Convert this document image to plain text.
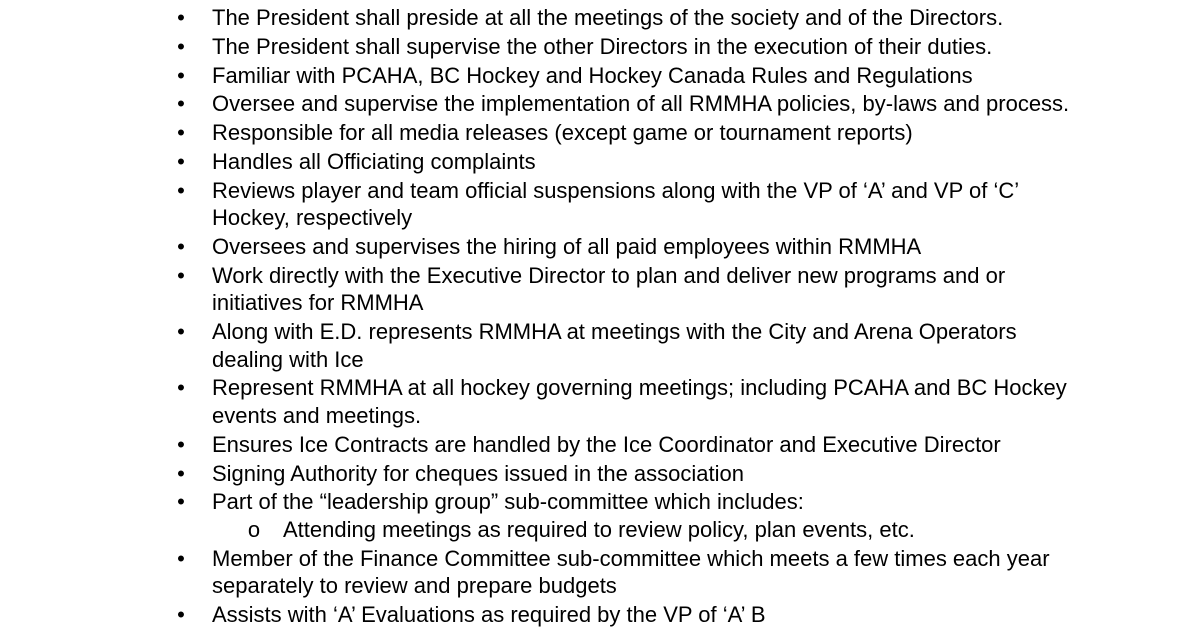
• The President shall preside at all the meetings of the society and of the Directors.
• The President shall supervise the other Directors in the execution of their duties.
• Familiar with PCAHA, BC Hockey and Hockey Canada Rules and Regulations
• Oversee and supervise the implementation of all RMMHA policies, by-laws and process.
• Responsible for all media releases (except game or tournament reports)
• Handles all Officiating complaints
• Reviews player and team official suspensions along with the VP of ‘A’ and VP of ‘C’ Hockey, respectively
• Oversees and supervises the hiring of all paid employees within RMMHA
• Work directly with the Executive Director to plan and deliver new programs and or initiatives for RMMHA
• Along with E.D. represents RMMHA at meetings with the City and Arena Operators dealing with Ice
• Represent RMMHA at all hockey governing meetings; including PCAHA and BC Hockey events and meetings.
• Ensures Ice Contracts are handled by the Ice Coordinator and Executive Director
• Signing Authority for cheques issued in the association
• Part of the “leadership group” sub-committee which includes:
o Attending meetings as required to review policy, plan events, etc.
• Member of the Finance Committee sub-committee which meets a few times each year separately to review and prepare budgets
• Assists with ‘A’ Evaluations as required by the VP of ‘A’ B
